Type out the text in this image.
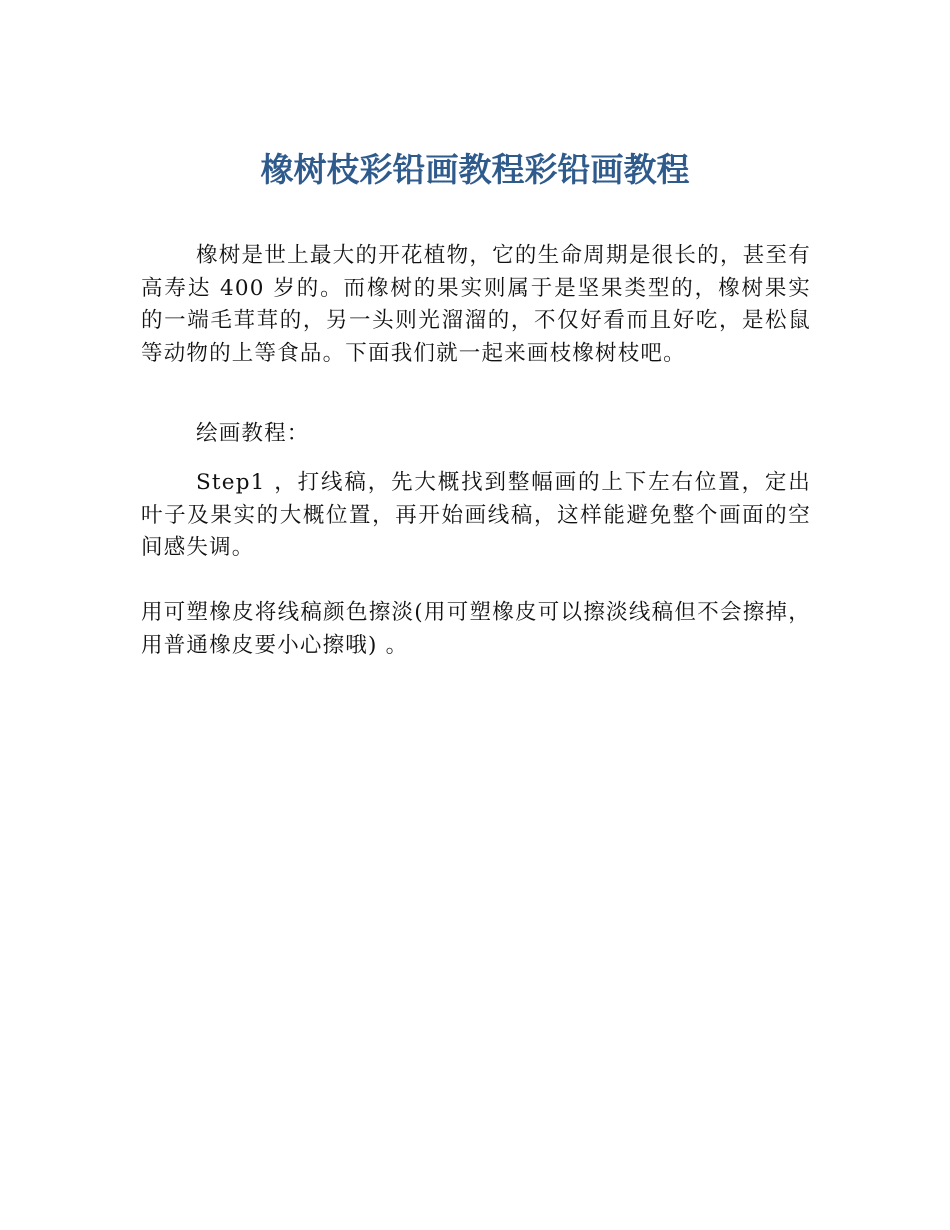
橡树枝彩铅画教程彩铅画教程

橡树是世上最大的开花植物，它的生命周期是很长的，甚至有高寿达 400 岁的。而橡树的果实则属于是坚果类型的，橡树果实的一端毛茸茸的，另一头则光溜溜的，不仅好看而且好吃，是松鼠等动物的上等食品。下面我们就一起来画枝橡树枝吧。

绘画教程：

Step1 ，打线稿，先大概找到整幅画的上下左右位置，定出叶子及果实的大概位置，再开始画线稿，这样能避免整个画面的空间感失调。

用可塑橡皮将线稿颜色擦淡(用可塑橡皮可以擦淡线稿但不会擦掉，用普通橡皮要小心擦哦) 。
